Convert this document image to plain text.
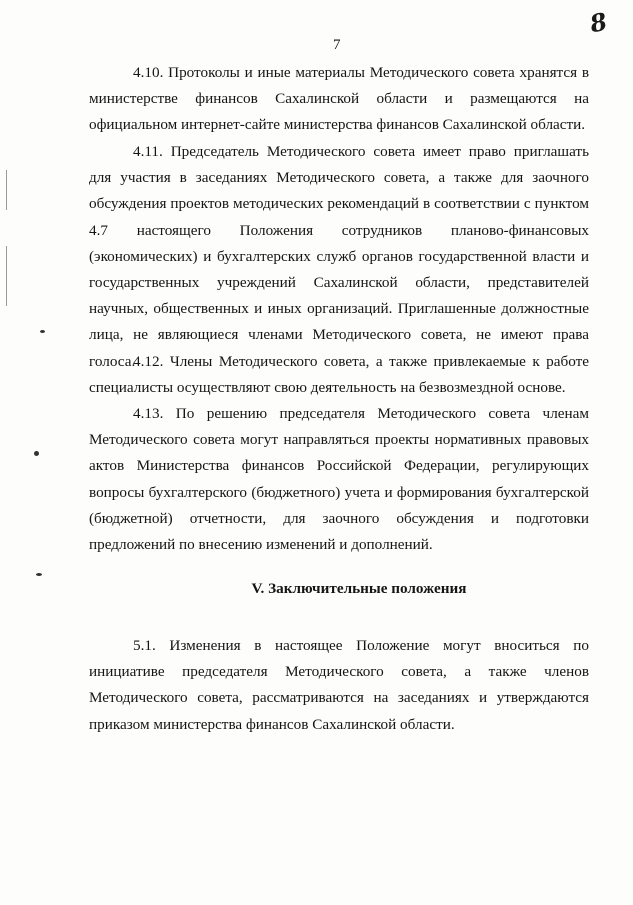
8
7

4.10. Протоколы и иные материалы Методического совета хранятся в министерстве финансов Сахалинской области и размещаются на официальном интернет-сайте министерства финансов Сахалинской области.

4.11. Председатель Методического совета имеет право приглашать для участия в заседаниях Методического совета, а также для заочного обсуждения проектов методических рекомендаций в соответствии с пунктом 4.7 настоящего Положения сотрудников планово-финансовых (экономических) и бухгалтерских служб органов государственной власти и государственных учреждений Сахалинской области, представителей научных, общественных и иных организаций. Приглашенные должностные лица, не являющиеся членами Методического совета, не имеют права голоса.

4.12. Члены Методического совета, а также привлекаемые к работе специалисты осуществляют свою деятельность на безвозмездной основе.

4.13. По решению председателя Методического совета членам Методического совета могут направляться проекты нормативных правовых актов Министерства финансов Российской Федерации, регулирующих вопросы бухгалтерского (бюджетного) учета и формирования бухгалтерской (бюджетной) отчетности, для заочного обсуждения и подготовки предложений по внесению изменений и дополнений.

V. Заключительные положения

5.1. Изменения в настоящее Положение могут вноситься по инициативе председателя Методического совета, а также членов Методического совета, рассматриваются на заседаниях и утверждаются приказом министерства финансов Сахалинской области.
